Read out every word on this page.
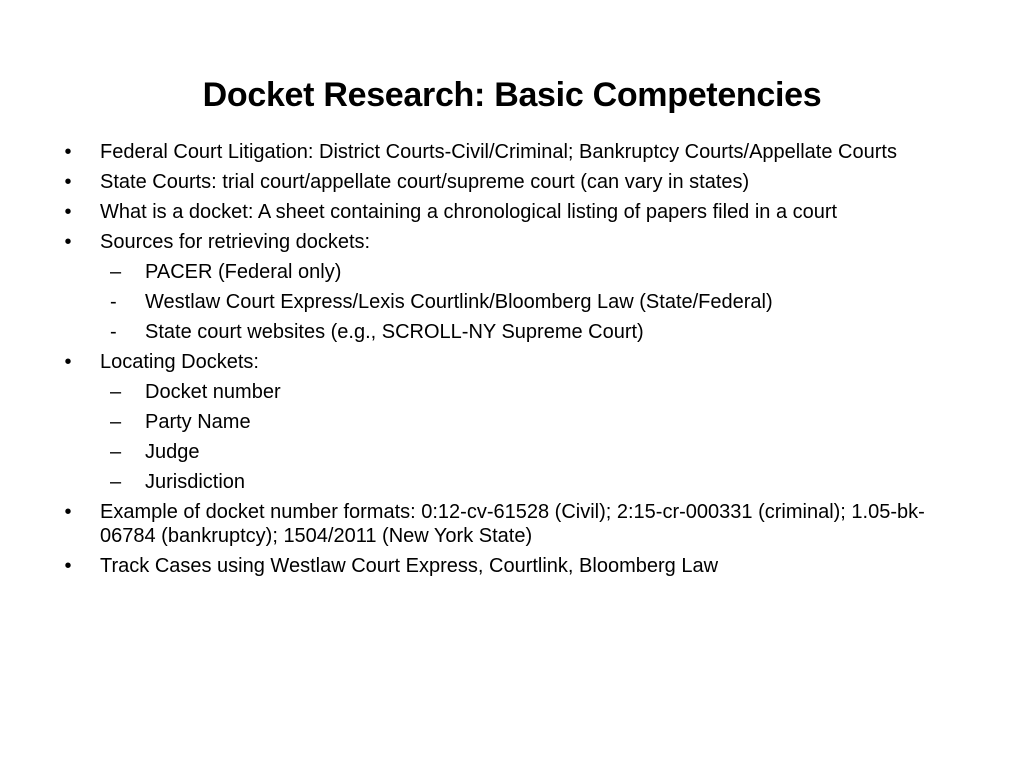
Docket Research: Basic Competencies
•	Federal Court Litigation: District Courts-Civil/Criminal; Bankruptcy Courts/Appellate Courts
•	State Courts: trial court/appellate court/supreme court (can vary in states)
•	What is a docket: A sheet containing a chronological listing of papers filed in a court
•	Sources for retrieving dockets:
–	PACER (Federal only)
-	Westlaw Court Express/Lexis Courtlink/Bloomberg Law (State/Federal)
-	State court websites (e.g., SCROLL-NY Supreme Court)
•	Locating Dockets:
–	Docket number
–	Party Name
–	Judge
–	Jurisdiction
•	Example of docket number formats: 0:12-cv-61528 (Civil); 2:15-cr-000331 (criminal); 1.05-bk-06784 (bankruptcy); 1504/2011 (New York State)
•	Track Cases using Westlaw Court Express, Courtlink, Bloomberg Law
